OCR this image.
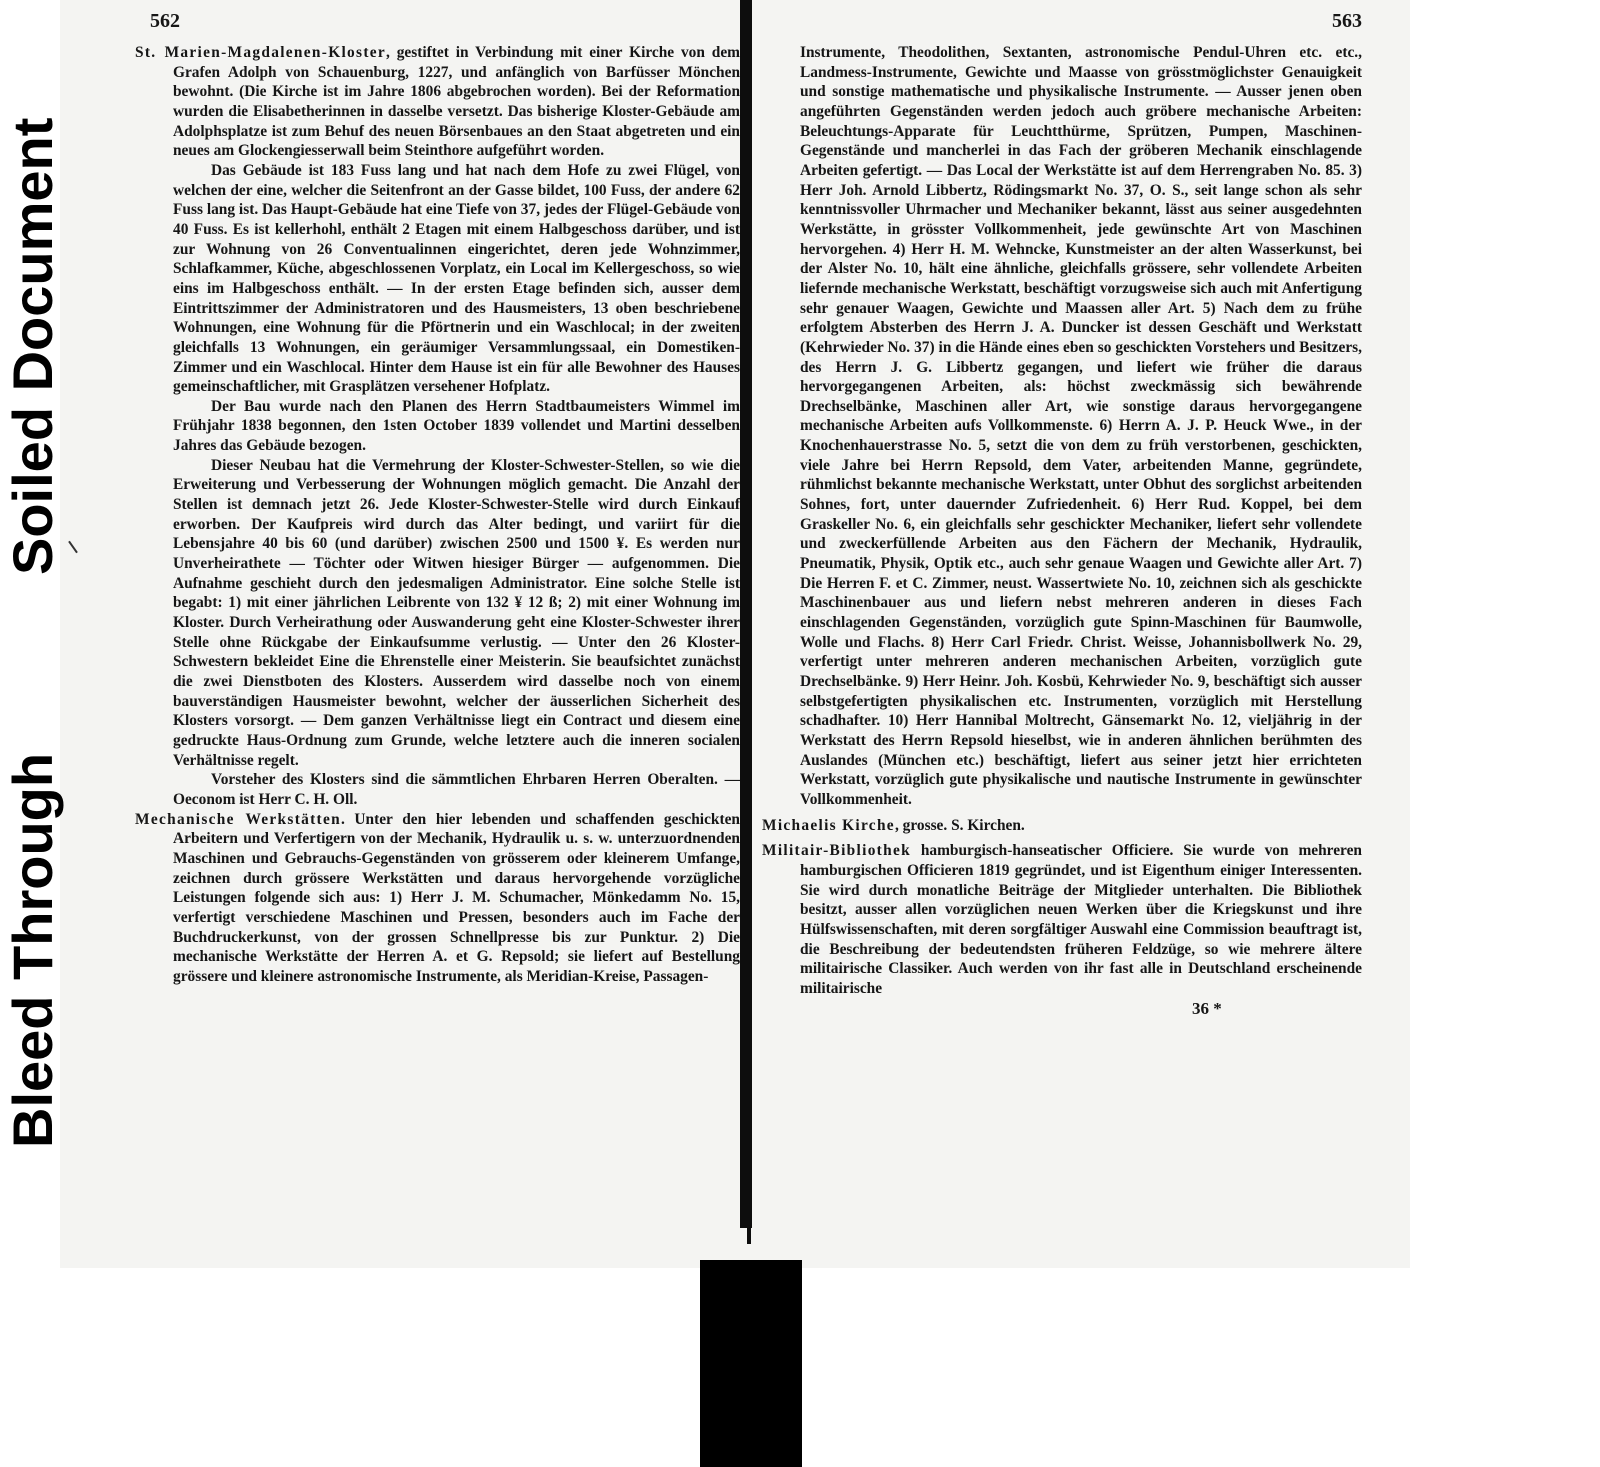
562

St. Marien-Magdalenen-Kloster, gestiftet in Verbindung mit einer Kirche von dem Grafen Adolph von Schauenburg, 1227, und anfänglich von Barfüsser Mönchen bewohnt. (Die Kirche ist im Jahre 1806 abgebrochen worden). Bei der Reformation wurden die Elisabetherinnen in dasselbe versetzt. Das bisherige Kloster-Gebäude am Adolphsplatze ist zum Behuf des neuen Börsenbaues an den Staat abgetreten und ein neues am Glockengiesserwall beim Steinthore aufgeführt worden.

Das Gebäude ist 183 Fuss lang und hat nach dem Hofe zu zwei Flügel, von welchen der eine, welcher die Seitenfront an der Gasse bildet, 100 Fuss, der andere 62 Fuss lang ist. Das Haupt-Gebäude hat eine Tiefe von 37, jedes der Flügel-Gebäude von 40 Fuss. Es ist kellerhohl, enthält 2 Etagen mit einem Halbgeschoss darüber, und ist zur Wohnung von 26 Conventualinnen eingerichtet, deren jede Wohnzimmer, Schlafkammer, Küche, abgeschlossenen Vorplatz, ein Local im Kellergeschoss, so wie eins im Halbgeschoss enthält. — In der ersten Etage befinden sich, ausser dem Eintrittszimmer der Administratoren und des Hausmeisters, 13 oben beschriebene Wohnungen, eine Wohnung für die Pförtnerin und ein Waschlocal; in der zweiten gleichfalls 13 Wohnungen, ein geräumiger Versammlungssaal, ein Domestiken-Zimmer und ein Waschlocal. Hinter dem Hause ist ein für alle Bewohner des Hauses gemeinschaftlicher, mit Grasplätzen versehener Hofplatz.

Der Bau wurde nach den Planen des Herrn Stadtbaumeisters Wimmel im Frühjahr 1838 begonnen, den 1sten October 1839 vollendet und Martini desselben Jahres das Gebäude bezogen.

Dieser Neubau hat die Vermehrung der Kloster-Schwester-Stellen, so wie die Erweiterung und Verbesserung der Wohnungen möglich gemacht. Die Anzahl der Stellen ist demnach jetzt 26. Jede Kloster-Schwester-Stelle wird durch Einkauf erworben. Der Kaufpreis wird durch das Alter bedingt, und variirt für die Lebensjahre 40 bis 60 (und darüber) zwischen 2500 und 1500 ¥. Es werden nur Unverheirathete — Töchter oder Witwen hiesiger Bürger — aufgenommen. Die Aufnahme geschieht durch den jedesmaligen Administrator. Eine solche Stelle ist begabt: 1) mit einer jährlichen Leibrente von 132 ¥ 12 ß; 2) mit einer Wohnung im Kloster. Durch Verheirathung oder Auswanderung geht eine Kloster-Schwester ihrer Stelle ohne Rückgabe der Einkaufsumme verlustig. — Unter den 26 Kloster-Schwestern bekleidet Eine die Ehrenstelle einer Meisterin. Sie beaufsichtet zunächst die zwei Dienstboten des Klosters. Ausserdem wird dasselbe noch von einem bauverständigen Hausmeister bewohnt, welcher der äusserlichen Sicherheit des Klosters vorsorgt. — Dem ganzen Verhältnisse liegt ein Contract und diesem eine gedruckte Haus-Ordnung zum Grunde, welche letztere auch die inneren socialen Verhältnisse regelt.

Vorsteher des Klosters sind die sämmtlichen Ehrbaren Herren Oberalten. — Oeconom ist Herr C. H. Oll.

Mechanische Werkstätten. Unter den hier lebenden und schaffenden geschickten Arbeitern und Verfertigern von der Mechanik, Hydraulik u. s. w. unterzuordnenden Maschinen und Gebrauchs-Gegenständen von grösserem oder kleinerem Umfange, zeichnen durch grössere Werkstätten und daraus hervorgehende vorzügliche Leistungen folgende sich aus: 1) Herr J. M. Schumacher, Mönkedamm No. 15, verfertigt verschiedene Maschinen und Pressen, besonders auch im Fache der Buchdruckerkunst, von der grossen Schnellpresse bis zur Punktur. 2) Die mechanische Werkstätte der Herren A. et G. Repsold; sie liefert auf Bestellung grössere und kleinere astronomische Instrumente, als Meridian-Kreise, Passagen-

563

Instrumente, Theodolithen, Sextanten, astronomische Pendul-Uhren etc. etc., Landmess-Instrumente, Gewichte und Maasse von grösstmöglichster Genauigkeit und sonstige mathematische und physikalische Instrumente. — Ausser jenen oben angeführten Gegenständen werden jedoch auch gröbere mechanische Arbeiten: Beleuchtungs-Apparate für Leuchtthürme, Sprützen, Pumpen, Maschinen-Gegenstände und mancherlei in das Fach der gröberen Mechanik einschlagende Arbeiten gefertigt. — Das Local der Werkstätte ist auf dem Herrengraben No. 85. 3) Herr Joh. Arnold Libbertz, Rödingsmarkt No. 37, O. S., seit lange schon als sehr kenntnissvoller Uhrmacher und Mechaniker bekannt, lässt aus seiner ausgedehnten Werkstätte, in grösster Vollkommenheit, jede gewünschte Art von Maschinen hervorgehen. 4) Herr H. M. Wehncke, Kunstmeister an der alten Wasserkunst, bei der Alster No. 10, hält eine ähnliche, gleichfalls grössere, sehr vollendete Arbeiten liefernde mechanische Werkstatt, beschäftigt vorzugsweise sich auch mit Anfertigung sehr genauer Waagen, Gewichte und Maassen aller Art. 5) Nach dem zu frühe erfolgtem Absterben des Herrn J. A. Duncker ist dessen Geschäft und Werkstatt (Kehrwieder No. 37) in die Hände eines eben so geschickten Vorstehers und Besitzers, des Herrn J. G. Libbertz gegangen, und liefert wie früher die daraus hervorgegangenen Arbeiten, als: höchst zweckmässig sich bewährende Drechselbänke, Maschinen aller Art, wie sonstige daraus hervorgegangene mechanische Arbeiten aufs Vollkommenste. 6) Herrn A. J. P. Heuck Wwe., in der Knochenhauerstrasse No. 5, setzt die von dem zu früh verstorbenen, geschickten, viele Jahre bei Herrn Repsold, dem Vater, arbeitenden Manne, gegründete, rühmlichst bekannte mechanische Werkstatt, unter Obhut des sorglichst arbeitenden Sohnes, fort, unter dauernder Zufriedenheit. 6) Herr Rud. Koppel, bei dem Graskeller No. 6, ein gleichfalls sehr geschickter Mechaniker, liefert sehr vollendete und zweckerfüllende Arbeiten aus den Fächern der Mechanik, Hydraulik, Pneumatik, Physik, Optik etc., auch sehr genaue Waagen und Gewichte aller Art. 7) Die Herren F. et C. Zimmer, neust. Wassertwiete No. 10, zeichnen sich als geschickte Maschinenbauer aus und liefern nebst mehreren anderen in dieses Fach einschlagenden Gegenständen, vorzüglich gute Spinn-Maschinen für Baumwolle, Wolle und Flachs. 8) Herr Carl Friedr. Christ. Weisse, Johannisbollwerk No. 29, verfertigt unter mehreren anderen mechanischen Arbeiten, vorzüglich gute Drechselbänke. 9) Herr Heinr. Joh. Kosbü, Kehrwieder No. 9, beschäftigt sich ausser selbstgefertigten physikalischen etc. Instrumenten, vorzüglich mit Herstellung schadhafter. 10) Herr Hannibal Moltrecht, Gänsemarkt No. 12, vieljährig in der Werkstatt des Herrn Repsold hieselbst, wie in anderen ähnlichen berühmten des Auslandes (München etc.) beschäftigt, liefert aus seiner jetzt hier errichteten Werkstatt, vorzüglich gute physikalische und nautische Instrumente in gewünschter Vollkommenheit.

Michaelis Kirche, grosse. S. Kirchen.

Militair-Bibliothek hamburgisch-hanseatischer Officiere. Sie wurde von mehreren hamburgischen Officieren 1819 gegründet, und ist Eigenthum einiger Interessenten. Sie wird durch monatliche Beiträge der Mitglieder unterhalten. Die Bibliothek besitzt, ausser allen vorzüglichen neuen Werken über die Kriegskunst und ihre Hülfswissenschaften, mit deren sorgfältiger Auswahl eine Commission beauftragt ist, die Beschreibung der bedeutendsten früheren Feldzüge, so wie mehrere ältere militairische Classiker. Auch werden von ihr fast alle in Deutschland erscheinende militairische

36 *

Soiled Document
Bleed Through
